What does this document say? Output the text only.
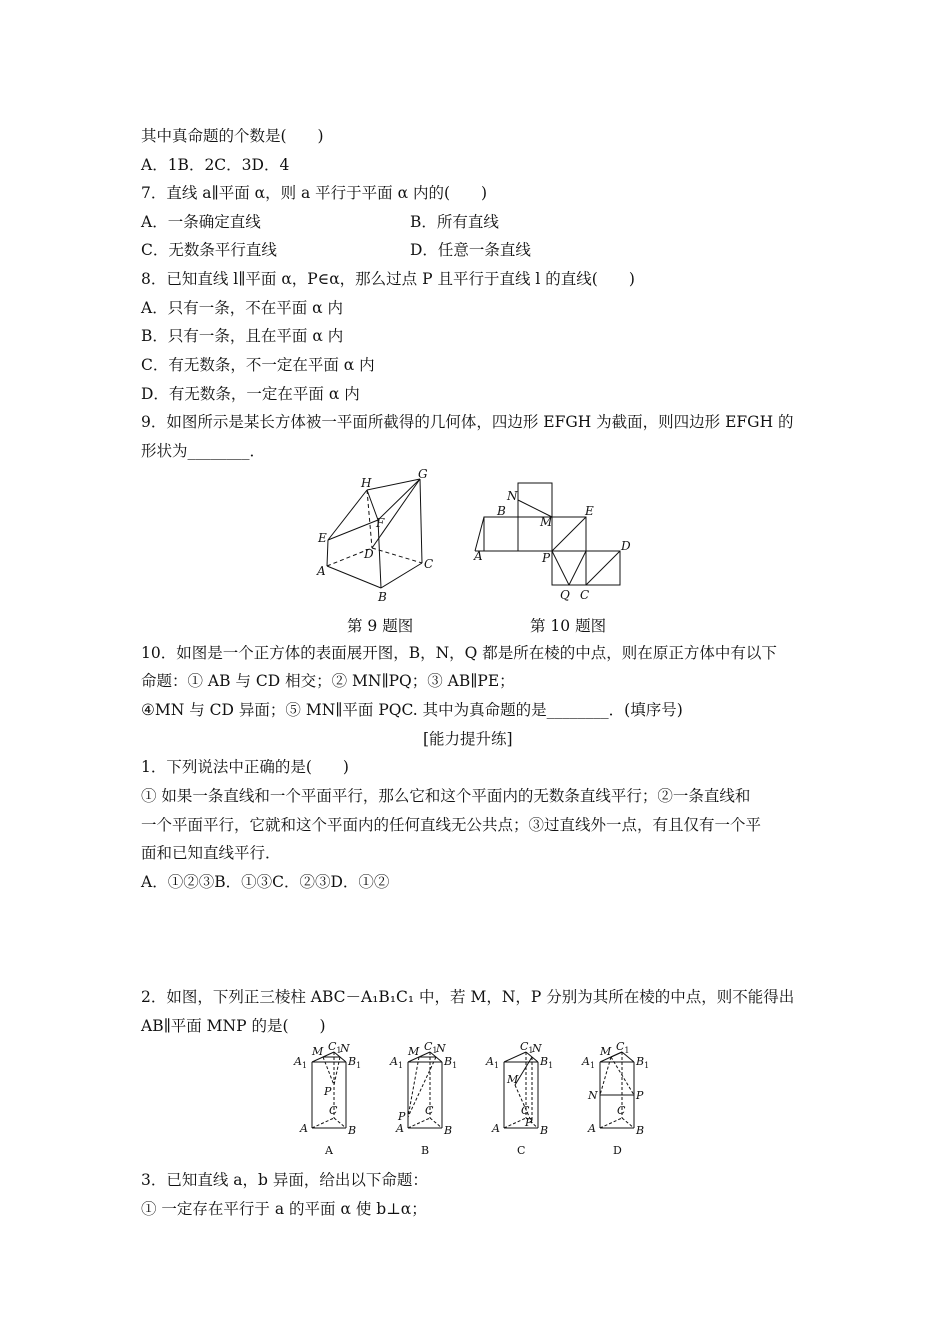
其中真命题的个数是(　　)
A．1B．2C．3D．4
7．直线 a∥平面 α，则 a 平行于平面 α 内的(　　)
A．一条确定直线	B．所有直线
C．无数条平行直线	D．任意一条直线
8．已知直线 l∥平面 α，P∈α，那么过点 P 且平行于直线 l 的直线(　　)
A．只有一条，不在平面 α 内
B．只有一条，且在平面 α 内
C．有无数条，不一定在平面 α 内
D．有无数条，一定在平面 α 内
9．如图所示是某长方体被一平面所截得的几何体，四边形 EFGH 为截面，则四边形 EFGH 的
形状为________．
H
G
F
E
D
A
B
C
N
M
E
B
A	P
D
Q C
第 9 题图	第 10 题图
10．如图是一个正方体的表面展开图，B，N，Q 都是所在棱的中点，则在原正方体中有以下
命题：① AB 与 CD 相交；② MN∥PQ；③ AB∥PE；
④MN 与 CD 异面；⑤ MN∥平面 PQC. 其中为真命题的是________．(填序号)
[能力提升练]
1．下列说法中正确的是(　　)
① 如果一条直线和一个平面平行，那么它和这个平面内的无数条直线平行；②一条直线和
一个平面平行，它就和这个平面内的任何直线无公共点；③过直线外一点，有且仅有一个平
面和已知直线平行．
A．①②③B．①③C．②③D．①②
2．如图，下列正三棱柱 ABC－A₁B₁C₁ 中，若 M，N，P 分别为其所在棱的中点，则不能得出
AB∥平面 MNP 的是(　　)
M N
$C_1$
$A_1$	$B_1$
P
C
A	B
M N
$C_1$
$A_1$	$B_1$
P C
A	B
$C_1$
N
$A_1$	$B_1$
M
P
C
A	B
M $C_1$
$A_1$	$B_1$
N	P
C
A	B
A	B	C	D
3．已知直线 a，b 异面，给出以下命题：
① 一定存在平行于 a 的平面 α 使 b⊥α；
